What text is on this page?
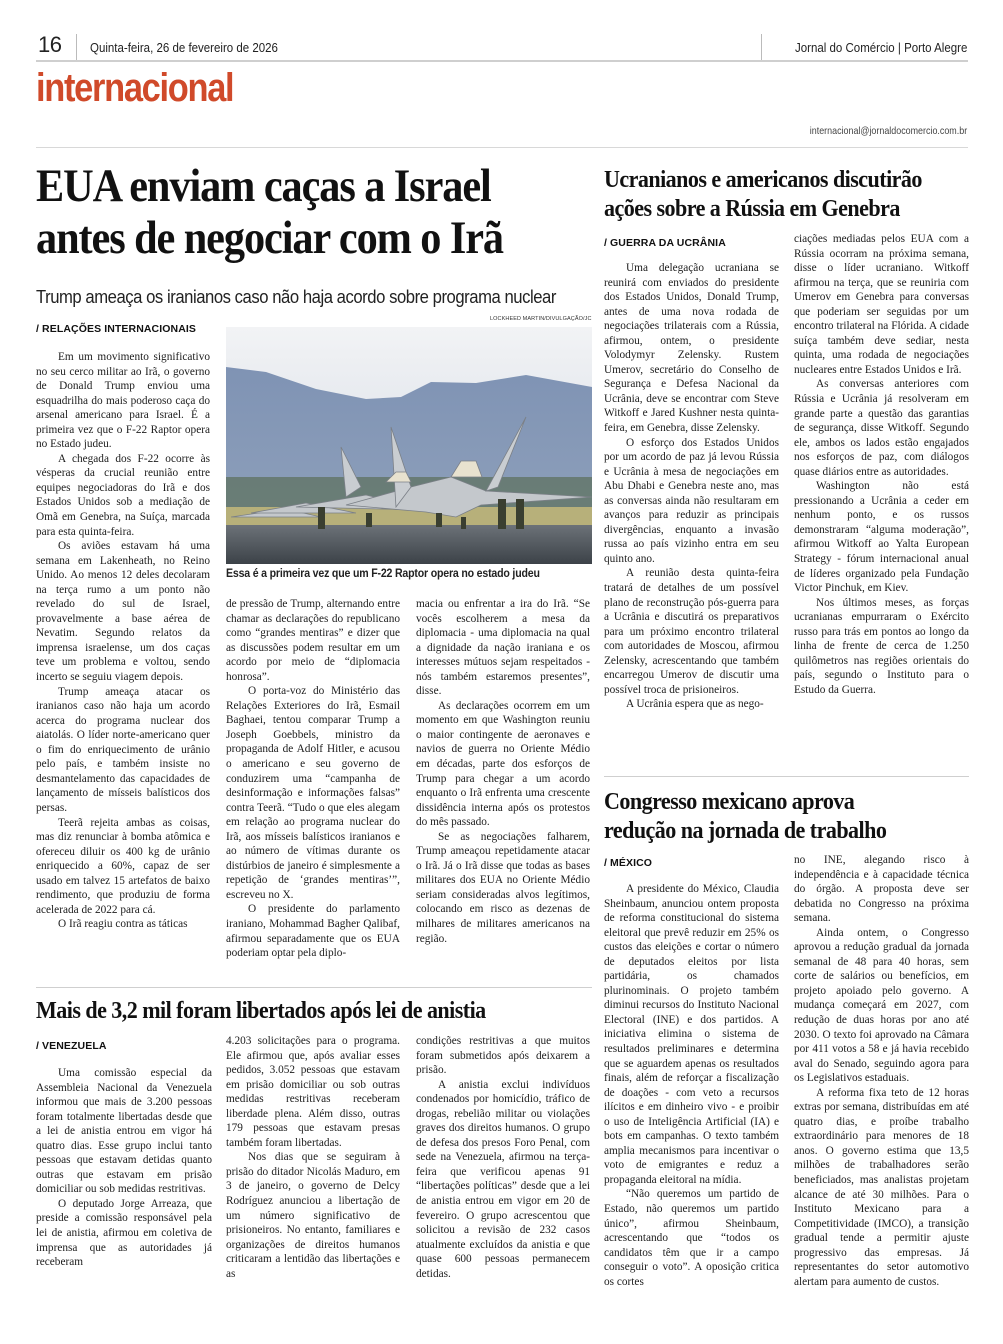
16 Quinta-feira, 26 de fevereiro de 2026	Jornal do Comércio | Porto Alegre
internacional
internacional@jornaldocomercio.com.br
EUA enviam caças a Israel
antes de negociar com o Irã
Trump ameaça os iranianos caso não haja acordo sobre programa nuclear
/ RELAÇÕES INTERNACIONAIS
LOCKHEED MARTIN/DIVULGAÇÃO/JC
Essa é a primeira vez que um F-22 Raptor opera no estado judeu

Em um movimento significativo no seu cerco militar ao Irã, o governo de Donald Trump enviou uma esquadrilha do mais poderoso caça do arsenal americano para Israel. É a primeira vez que o F-22 Raptor opera no Estado judeu.

A chegada dos F-22 ocorre às vésperas da crucial reunião entre equipes negociadoras do Irã e dos Estados Unidos sob a mediação de Omã em Genebra, na Suíça, marcada para esta quinta-feira.

Os aviões estavam há uma semana em Lakenheath, no Reino Unido. Ao menos 12 deles decolaram na terça rumo a um ponto não revelado do sul de Israel, provavelmente a base aérea de Nevatim. Segundo relatos da imprensa israelense, um dos caças teve um problema e voltou, sendo incerto se seguiu viagem depois.

Trump ameaça atacar os iranianos caso não haja um acordo acerca do programa nuclear dos aiatolás. O líder norte-americano quer o fim do enriquecimento de urânio pelo país, e também insiste no desmantelamento das capacidades de lançamento de mísseis balísticos dos persas.

Teerã rejeita ambas as coisas, mas diz renunciar à bomba atômica e ofereceu diluir os 400 kg de urânio enriquecido a 60%, capaz de ser usado em talvez 15 artefatos de baixo rendimento, que produziu de forma acelerada de 2022 para cá.

O Irã reagiu contra as táticas

de pressão de Trump, alternando entre chamar as declarações do republicano como “grandes mentiras” e dizer que as discussões podem resultar em um acordo por meio de “diplomacia honrosa”.

O porta-voz do Ministério das Relações Exteriores do Irã, Esmail Baghaei, tentou comparar Trump a Joseph Goebbels, ministro da propaganda de Adolf Hitler, e acusou o americano e seu governo de conduzirem uma “campanha de desinformação e informações falsas” contra Teerã. “Tudo o que eles alegam em relação ao programa nuclear do Irã, aos mísseis balísticos iranianos e ao número de vítimas durante os distúrbios de janeiro é simplesmente a repetição de ‘grandes mentiras’”, escreveu no X.

O presidente do parlamento iraniano, Mohammad Bagher Qalibaf, afirmou separadamente que os EUA poderiam optar pela diplo-

macia ou enfrentar a ira do Irã. “Se vocês escolherem a mesa da diplomacia - uma diplomacia na qual a dignidade da nação iraniana e os interesses mútuos sejam respeitados - nós também estaremos presentes”, disse.

As declarações ocorrem em um momento em que Washington reuniu o maior contingente de aeronaves e navios de guerra no Oriente Médio em décadas, parte dos esforços de Trump para chegar a um acordo enquanto o Irã enfrenta uma crescente dissidência interna após os protestos do mês passado.

Se as negociações falharem, Trump ameaçou repetidamente atacar o Irã. Já o Irã disse que todas as bases militares dos EUA no Oriente Médio seriam consideradas alvos legítimos, colocando em risco as dezenas de milhares de militares americanos na região.

Ucranianos e americanos discutirão
ações sobre a Rússia em Genebra
/ GUERRA DA UCRÂNIA

Uma delegação ucraniana se reunirá com enviados do presidente dos Estados Unidos, Donald Trump, antes de uma nova rodada de negociações trilaterais com a Rússia, afirmou, ontem, o presidente Volodymyr Zelensky. Rustem Umerov, secretário do Conselho de Segurança e Defesa Nacional da Ucrânia, deve se encontrar com Steve Witkoff e Jared Kushner nesta quinta-feira, em Genebra, disse Zelensky.

O esforço dos Estados Unidos por um acordo de paz já levou Rússia e Ucrânia à mesa de negociações em Abu Dhabi e Genebra neste ano, mas as conversas ainda não resultaram em avanços para reduzir as principais divergências, enquanto a invasão russa ao país vizinho entra em seu quinto ano.

A reunião desta quinta-feira tratará de detalhes de um possível plano de reconstrução pós-guerra para a Ucrânia e discutirá os preparativos para um próximo encontro trilateral com autoridades de Moscou, afirmou Zelensky, acrescentando que também encarregou Umerov de discutir uma possível troca de prisioneiros.

A Ucrânia espera que as nego-

ciações mediadas pelos EUA com a Rússia ocorram na próxima semana, disse o líder ucraniano. Witkoff afirmou na terça, que se reuniria com Umerov em Genebra para conversas que poderiam ser seguidas por um encontro trilateral na Flórida. A cidade suíça também deve sediar, nesta quinta, uma rodada de negociações nucleares entre Estados Unidos e Irã.

As conversas anteriores com Rússia e Ucrânia já resolveram em grande parte a questão das garantias de segurança, disse Witkoff. Segundo ele, ambos os lados estão engajados nos esforços de paz, com diálogos quase diários entre as autoridades.

Washington não está pressionando a Ucrânia a ceder em nenhum ponto, e os russos demonstraram “alguma moderação”, afirmou Witkoff ao Yalta European Strategy - fórum internacional anual de líderes organizado pela Fundação Victor Pinchuk, em Kiev.

Nos últimos meses, as forças ucranianas empurraram o Exército russo para trás em pontos ao longo da linha de frente de cerca de 1.250 quilômetros nas regiões orientais do país, segundo o Instituto para o Estudo da Guerra.

Congresso mexicano aprova
redução na jornada de trabalho
/ MÉXICO

A presidente do México, Claudia Sheinbaum, anunciou ontem proposta de reforma constitucional do sistema eleitoral que prevê reduzir em 25% os custos das eleições e cortar o número de deputados eleitos por lista partidária, os chamados plurinominais. O projeto também diminui recursos do Instituto Nacional Electoral (INE) e dos partidos. A iniciativa elimina o sistema de resultados preliminares e determina que se aguardem apenas os resultados finais, além de reforçar a fiscalização de doações - com veto a recursos ilícitos e em dinheiro vivo - e proibir o uso de Inteligência Artificial (IA) e bots em campanhas. O texto também amplia mecanismos para incentivar o voto de emigrantes e reduz a propaganda eleitoral na mídia.

“Não queremos um partido de Estado, não queremos um partido único”, afirmou Sheinbaum, acrescentando que “todos os candidatos têm que ir a campo conseguir o voto”. A oposição critica os cortes

no INE, alegando risco à independência e à capacidade técnica do órgão. A proposta deve ser debatida no Congresso na próxima semana.

Ainda ontem, o Congresso aprovou a redução gradual da jornada semanal de 48 para 40 horas, sem corte de salários ou benefícios, em projeto apoiado pelo governo. A mudança começará em 2027, com redução de duas horas por ano até 2030. O texto foi aprovado na Câmara por 411 votos a 58 e já havia recebido aval do Senado, seguindo agora para os Legislativos estaduais.

A reforma fixa teto de 12 horas extras por semana, distribuídas em até quatro dias, e proíbe trabalho extraordinário para menores de 18 anos. O governo estima que 13,5 milhões de trabalhadores serão beneficiados, mas analistas projetam alcance de até 30 milhões. Para o Instituto Mexicano para a Competitividade (IMCO), a transição gradual tende a permitir ajuste progressivo das empresas. Já representantes do setor automotivo alertam para aumento de custos.

Mais de 3,2 mil foram libertados após lei de anistia
/ VENEZUELA

Uma comissão especial da Assembleia Nacional da Venezuela informou que mais de 3.200 pessoas foram totalmente libertadas desde que a lei de anistia entrou em vigor há quatro dias. Esse grupo inclui tanto pessoas que estavam detidas quanto outras que estavam em prisão domiciliar ou sob medidas restritivas.

O deputado Jorge Arreaza, que preside a comissão responsável pela lei de anistia, afirmou em coletiva de imprensa que as autoridades já receberam

4.203 solicitações para o programa. Ele afirmou que, após avaliar esses pedidos, 3.052 pessoas que estavam em prisão domiciliar ou sob outras medidas restritivas receberam liberdade plena. Além disso, outras 179 pessoas que estavam presas também foram libertadas.

Nos dias que se seguiram à prisão do ditador Nicolás Maduro, em 3 de janeiro, o governo de Delcy Rodríguez anunciou a libertação de um número significativo de prisioneiros. No entanto, familiares e organizações de direitos humanos criticaram a lentidão das libertações e as

condições restritivas a que muitos foram submetidos após deixarem a prisão.

A anistia exclui indivíduos condenados por homicídio, tráfico de drogas, rebelião militar ou violações graves dos direitos humanos. O grupo de defesa dos presos Foro Penal, com sede na Venezuela, afirmou na terça-feira que verificou apenas 91 “libertações políticas” desde que a lei de anistia entrou em vigor em 20 de fevereiro. O grupo acrescentou que solicitou a revisão de 232 casos atualmente excluídos da anistia e que quase 600 pessoas permanecem detidas.
